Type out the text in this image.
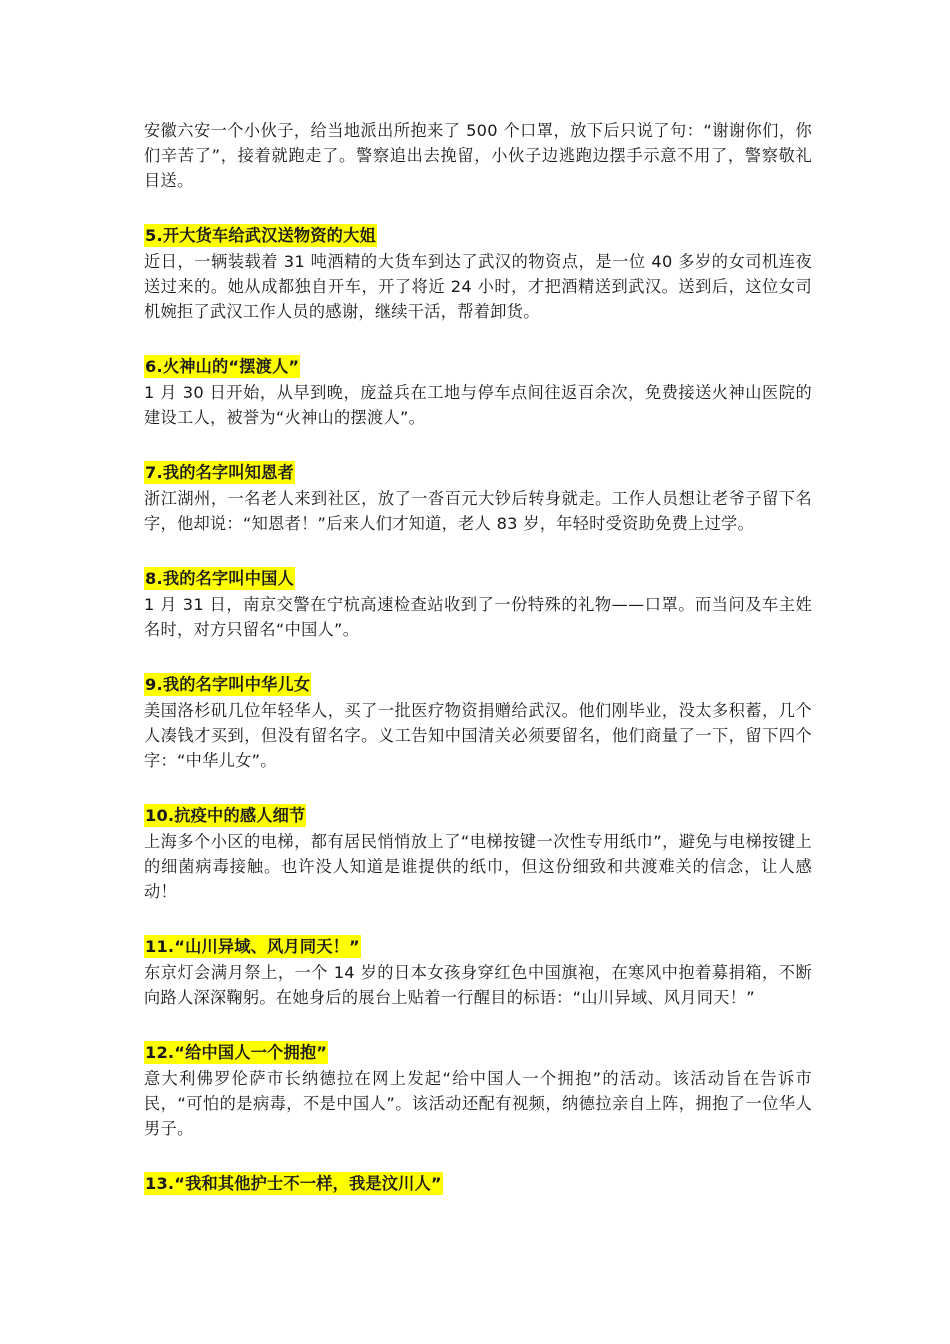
安徽六安一个小伙子，给当地派出所抱来了 500 个口罩，放下后只说了句：“谢谢你们，你们辛苦了”，接着就跑走了。警察追出去挽留，小伙子边逃跑边摆手示意不用了，警察敬礼目送。

5.开大货车给武汉送物资的大姐

近日，一辆装载着 31 吨酒精的大货车到达了武汉的物资点，是一位 40 多岁的女司机连夜送过来的。她从成都独自开车，开了将近 24 小时，才把酒精送到武汉。送到后，这位女司机婉拒了武汉工作人员的感谢，继续干活，帮着卸货。

6.火神山的“摆渡人”

1 月 30 日开始，从早到晚，庞益兵在工地与停车点间往返百余次，免费接送火神山医院的建设工人，被誉为“火神山的摆渡人”。

7.我的名字叫知恩者

浙江湖州，一名老人来到社区，放了一沓百元大钞后转身就走。工作人员想让老爷子留下名字，他却说：“知恩者！”后来人们才知道，老人 83 岁，年轻时受资助免费上过学。

8.我的名字叫中国人

1 月 31 日，南京交警在宁杭高速检查站收到了一份特殊的礼物——口罩。而当问及车主姓名时，对方只留名“中国人”。

9.我的名字叫中华儿女

美国洛杉矶几位年轻华人，买了一批医疗物资捐赠给武汉。他们刚毕业，没太多积蓄，几个人凑钱才买到，但没有留名字。义工告知中国清关必须要留名，他们商量了一下，留下四个字：“中华儿女”。

10.抗疫中的感人细节

上海多个小区的电梯，都有居民悄悄放上了“电梯按键一次性专用纸巾”，避免与电梯按键上的细菌病毒接触。也许没人知道是谁提供的纸巾，但这份细致和共渡难关的信念，让人感动！

11.“山川异域、风月同天！”

东京灯会满月祭上，一个 14 岁的日本女孩身穿红色中国旗袍，在寒风中抱着募捐箱，不断向路人深深鞠躬。在她身后的展台上贴着一行醒目的标语：“山川异域、风月同天！”

12.“给中国人一个拥抱”

意大利佛罗伦萨市长纳德拉在网上发起“给中国人一个拥抱”的活动。该活动旨在告诉市民，“可怕的是病毒，不是中国人”。该活动还配有视频，纳德拉亲自上阵，拥抱了一位华人男子。

13.“我和其他护士不一样，我是汶川人”
